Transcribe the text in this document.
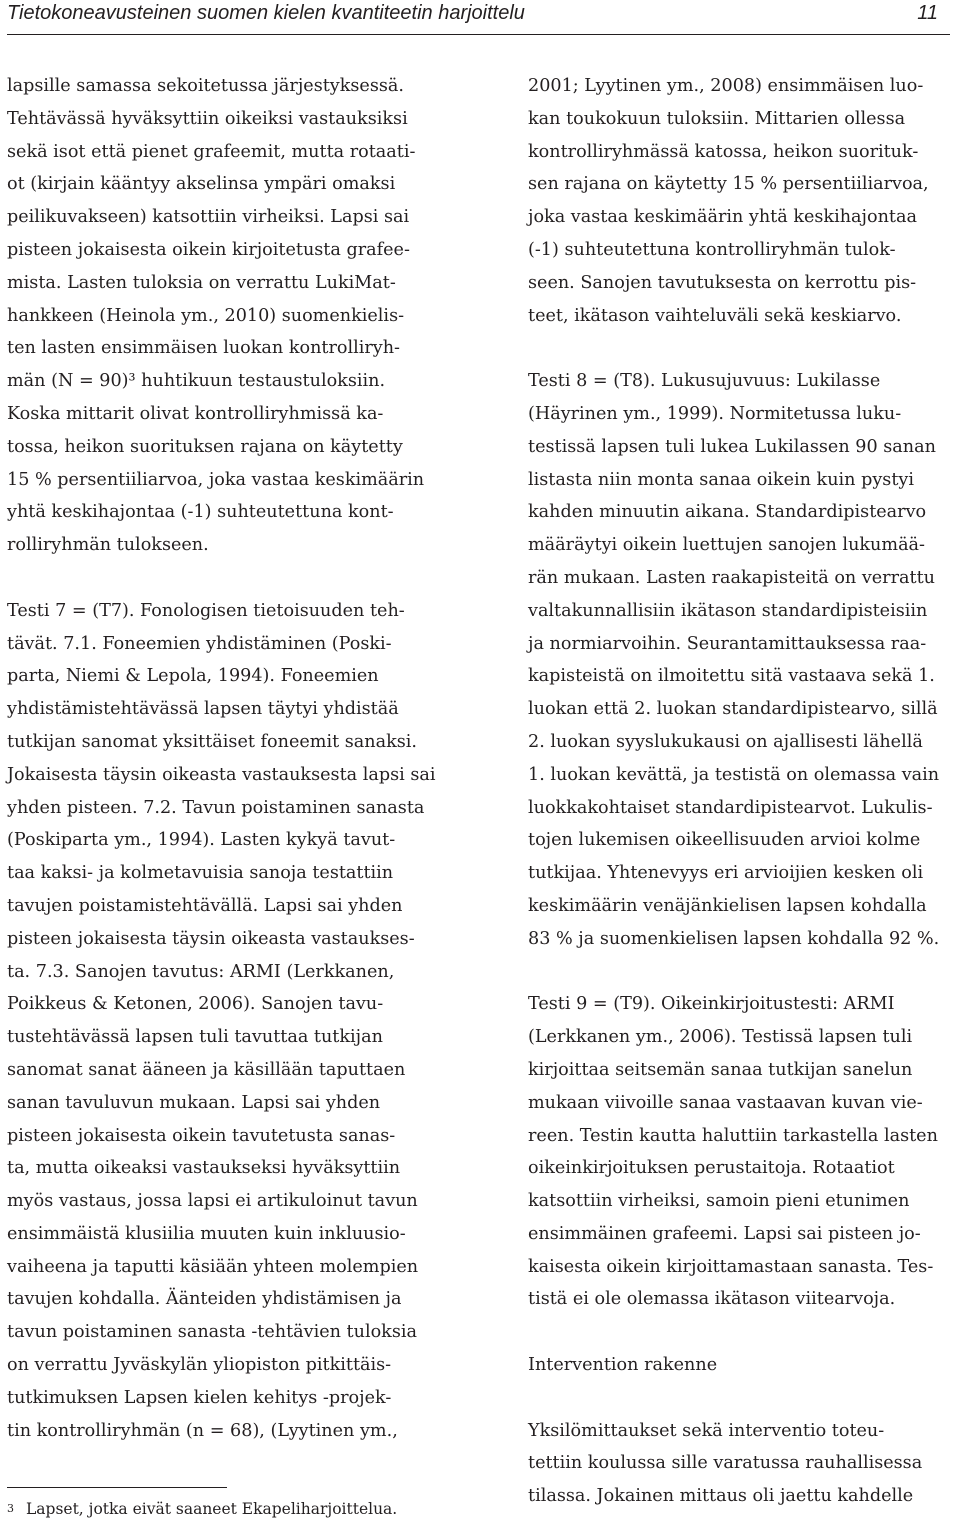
Tietokoneavusteinen suomen kielen kvantiteetin harjoittelu	11
lapsille samassa sekoitetussa järjestyksessä.
Tehtävässä hyväksyttiin oikeiksi vastauksiksi
sekä isot että pienet grafeemit, mutta rotaati-
ot (kirjain kääntyy akselinsa ympäri omaksi
peilikuvakseen) katsottiin virheiksi. Lapsi sai
pisteen jokaisesta oikein kirjoitetusta grafee-
mista. Lasten tuloksia on verrattu LukiMat-
hankkeen (Heinola ym., 2010) suomenkielis-
ten lasten ensimmäisen luokan kontrolliryh-
män (N = 90)³ huhtikuun testaustuloksiin.
Koska mittarit olivat kontrolliryhmissä ka-
tossa, heikon suorituksen rajana on käytetty
15 % persentiiliarvoa, joka vastaa keskimäärin
yhtä keskihajontaa (-1) suhteutettuna kont-
rolliryhmän tulokseen.
Testi 7 = (T7). Fonologisen tietoisuuden teh-
tävät. 7.1. Foneemien yhdistäminen (Poski-
parta, Niemi & Lepola, 1994). Foneemien
yhdistämistehtävässä lapsen täytyi yhdistää
tutkijan sanomat yksittäiset foneemit sanaksi.
Jokaisesta täysin oikeasta vastauksesta lapsi sai
yhden pisteen. 7.2. Tavun poistaminen sanasta
(Poskiparta ym., 1994). Lasten kykyä tavut-
taa kaksi- ja kolmetavuisia sanoja testattiin
tavujen poistamistehtävällä. Lapsi sai yhden
pisteen jokaisesta täysin oikeasta vastaukses-
ta. 7.3. Sanojen tavutus: ARMI (Lerkkanen,
Poikkeus & Ketonen, 2006). Sanojen tavu-
tustehtävässä lapsen tuli tavuttaa tutkijan
sanomat sanat ääneen ja käsillään taputtaen
sanan tavuluvun mukaan. Lapsi sai yhden
pisteen jokaisesta oikein tavutetusta sanas-
ta, mutta oikeaksi vastaukseksi hyväksyttiin
myös vastaus, jossa lapsi ei artikuloinut tavun
ensimmäistä klusiilia muuten kuin inkluusio-
vaiheena ja taputti käsiään yhteen molempien
tavujen kohdalla. Äänteiden yhdistämisen ja
tavun poistaminen sanasta -tehtävien tuloksia
on verrattu Jyväskylän yliopiston pitkittäis-
tutkimuksen Lapsen kielen kehitys -projek-
tin kontrolliryhmän (n = 68), (Lyytinen ym.,
2001; Lyytinen ym., 2008) ensimmäisen luo-
kan toukokuun tuloksiin. Mittarien ollessa
kontrolliryhmässä katossa, heikon suorituk-
sen rajana on käytetty 15 % persentiiliarvoa,
joka vastaa keskimäärin yhtä keskihajontaa
(-1) suhteutettuna kontrolliryhmän tulok-
seen. Sanojen tavutuksesta on kerrottu pis-
teet, ikätason vaihteluväli sekä keskiarvo.
Testi 8 = (T8). Lukusujuvuus: Lukilasse
(Häyrinen ym., 1999). Normitetussa luku-
testissä lapsen tuli lukea Lukilassen 90 sanan
listasta niin monta sanaa oikein kuin pystyi
kahden minuutin aikana. Standardipistearvo
määräytyi oikein luettujen sanojen lukumää-
rän mukaan. Lasten raakapisteitä on verrattu
valtakunnallisiin ikätason standardipisteisiin
ja normiarvoihin. Seurantamittauksessa raa-
kapisteistä on ilmoitettu sitä vastaava sekä 1.
luokan että 2. luokan standardipistearvo, sillä
2. luokan syyslukukausi on ajallisesti lähellä
1. luokan kevättä, ja testistä on olemassa vain
luokkakohtaiset standardipistearvot. Lukulis-
tojen lukemisen oikeellisuuden arvioi kolme
tutkijaa. Yhtenevyys eri arvioijien kesken oli
keskimäärin venäjänkielisen lapsen kohdalla
83 % ja suomenkielisen lapsen kohdalla 92 %.
Testi 9 = (T9). Oikeinkirjoitustesti: ARMI
(Lerkkanen ym., 2006). Testissä lapsen tuli
kirjoittaa seitsemän sanaa tutkijan sanelun
mukaan viivoille sanaa vastaavan kuvan vie-
reen. Testin kautta haluttiin tarkastella lasten
oikeinkirjoituksen perustaitoja. Rotaatiot
katsottiin virheiksi, samoin pieni etunimen
ensimmäinen grafeemi. Lapsi sai pisteen jo-
kaisesta oikein kirjoittamastaan sanasta. Tes-
tistä ei ole olemassa ikätason viitearvoja.
Intervention rakenne
Yksilömittaukset sekä interventio toteu-
tettiin koulussa sille varatussa rauhallisessa
tilassa. Jokainen mittaus oli jaettu kahdelle
$^3$ Lapset, jotka eivät saaneet Ekapeliharjoittelua.
